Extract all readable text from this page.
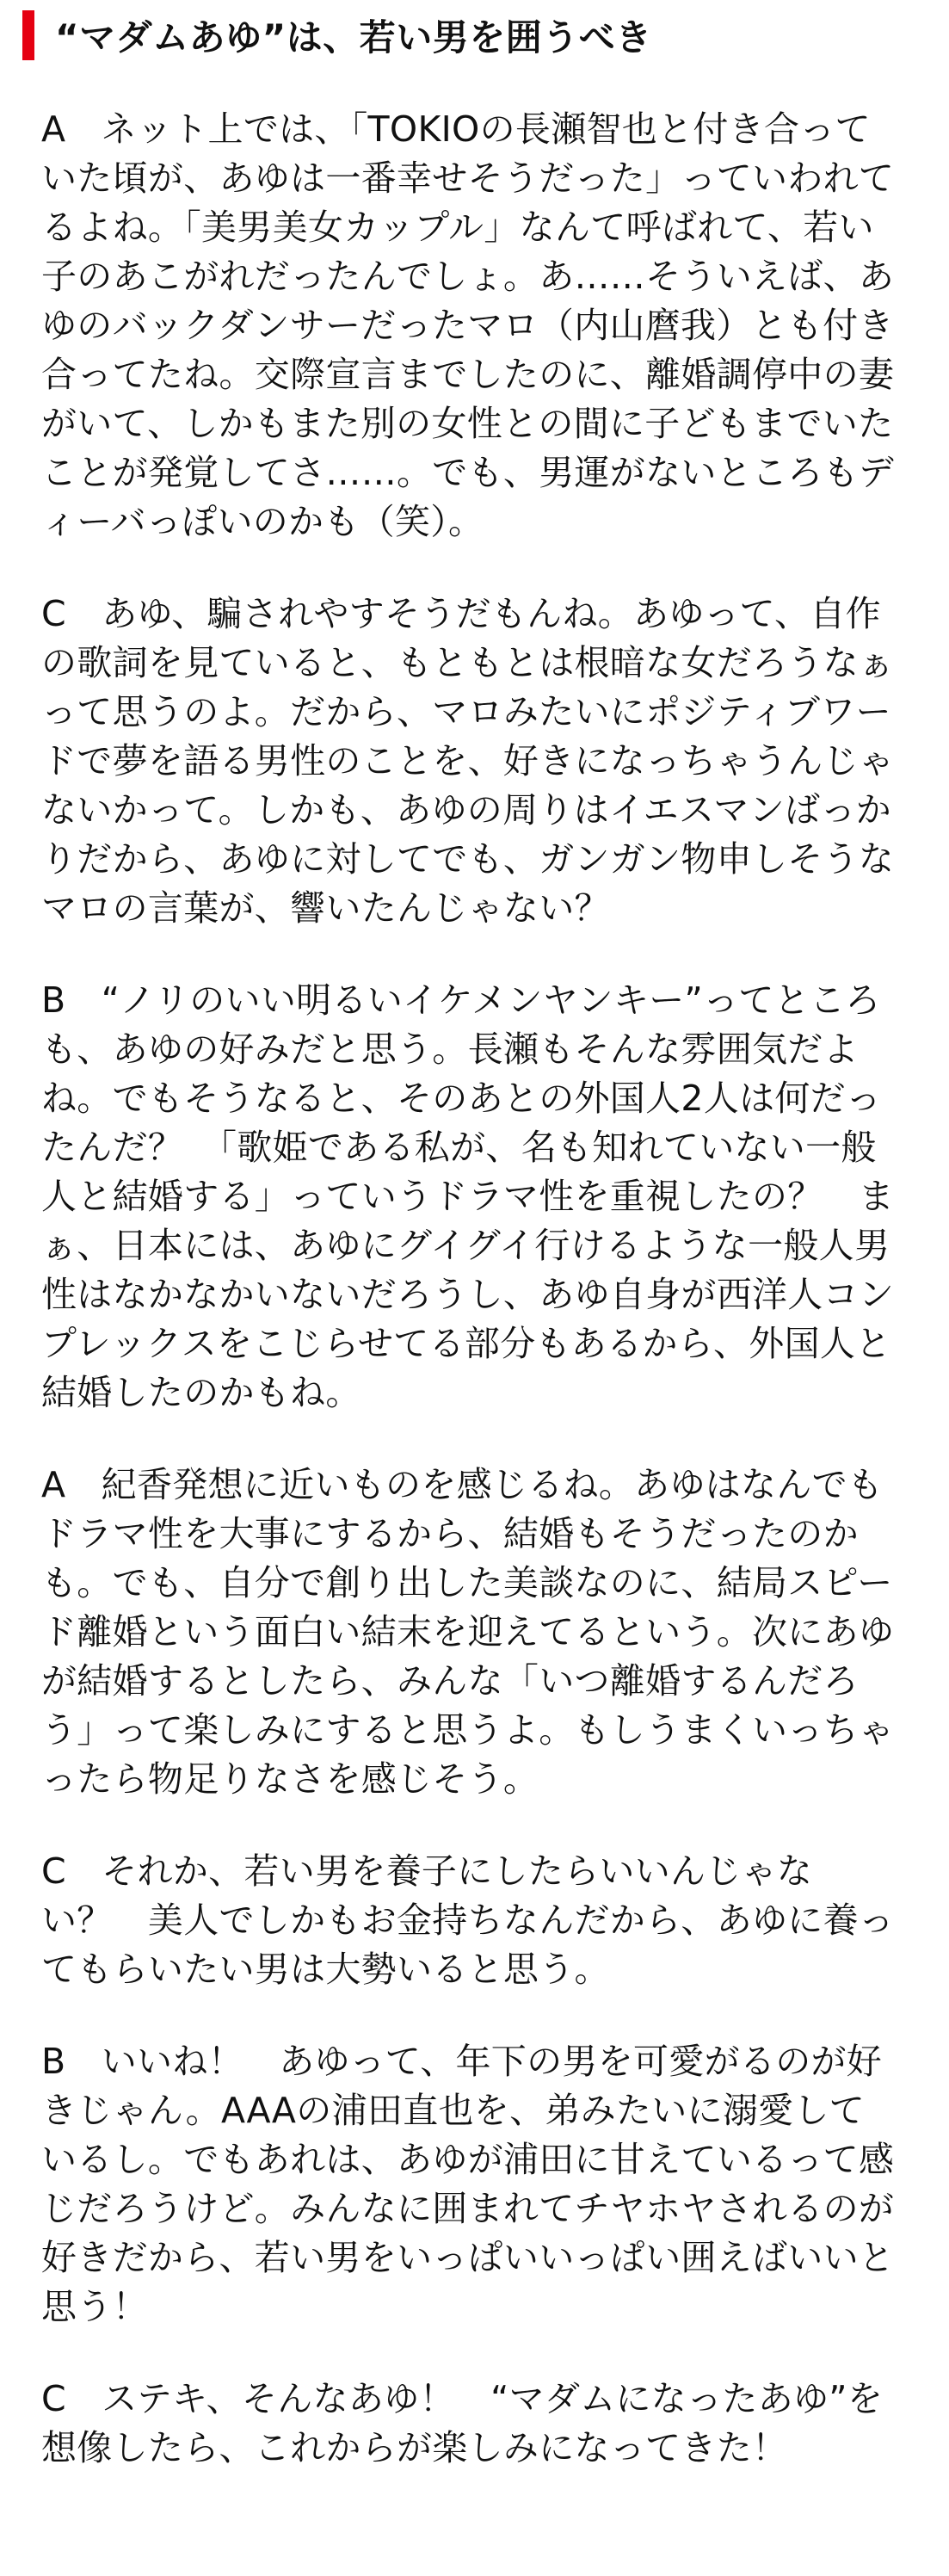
“マダムあゆ”は、若い男を囲うべき
A　ネット上では、「TOKIOの長瀬智也と付き合って
いた頃が、あゆは一番幸せそうだった」っていわれて
るよね。「美男美女カップル」なんて呼ばれて、若い
子のあこがれだったんでしょ。あ……そういえば、あ
ゆのバックダンサーだったマロ（内山麿我）とも付き
合ってたね。交際宣言までしたのに、離婚調停中の妻
がいて、しかもまた別の女性との間に子どもまでいた
ことが発覚してさ……。でも、男運がないところもデ
ィーバっぽいのかも（笑）。
C　あゆ、騙されやすそうだもんね。あゆって、自作
の歌詞を見ていると、もともとは根暗な女だろうなぁ
って思うのよ。だから、マロみたいにポジティブワー
ドで夢を語る男性のことを、好きになっちゃうんじゃ
ないかって。しかも、あゆの周りはイエスマンばっか
りだから、あゆに対してでも、ガンガン物申しそうな
マロの言葉が、響いたんじゃない？
B　“ノリのいい明るいイケメンヤンキー”ってところ
も、あゆの好みだと思う。長瀬もそんな雰囲気だよ
ね。でもそうなると、そのあとの外国人2人は何だっ
たんだ？　「歌姫である私が、名も知れていない一般
人と結婚する」っていうドラマ性を重視したの？　ま
ぁ、日本には、あゆにグイグイ行けるような一般人男
性はなかなかいないだろうし、あゆ自身が西洋人コン
プレックスをこじらせてる部分もあるから、外国人と
結婚したのかもね。
A　紀香発想に近いものを感じるね。あゆはなんでも
ドラマ性を大事にするから、結婚もそうだったのか
も。でも、自分で創り出した美談なのに、結局スピー
ド離婚という面白い結末を迎えてるという。次にあゆ
が結婚するとしたら、みんな「いつ離婚するんだろ
う」って楽しみにすると思うよ。もしうまくいっちゃ
ったら物足りなさを感じそう。
C　それか、若い男を養子にしたらいいんじゃな
い？　美人でしかもお金持ちなんだから、あゆに養っ
てもらいたい男は大勢いると思う。
B　いいね！　あゆって、年下の男を可愛がるのが好
きじゃん。AAAの浦田直也を、弟みたいに溺愛して
いるし。でもあれは、あゆが浦田に甘えているって感
じだろうけど。みんなに囲まれてチヤホヤされるのが
好きだから、若い男をいっぱいいっぱい囲えばいいと
思う！
C　ステキ、そんなあゆ！　“マダムになったあゆ”を
想像したら、これからが楽しみになってきた！
